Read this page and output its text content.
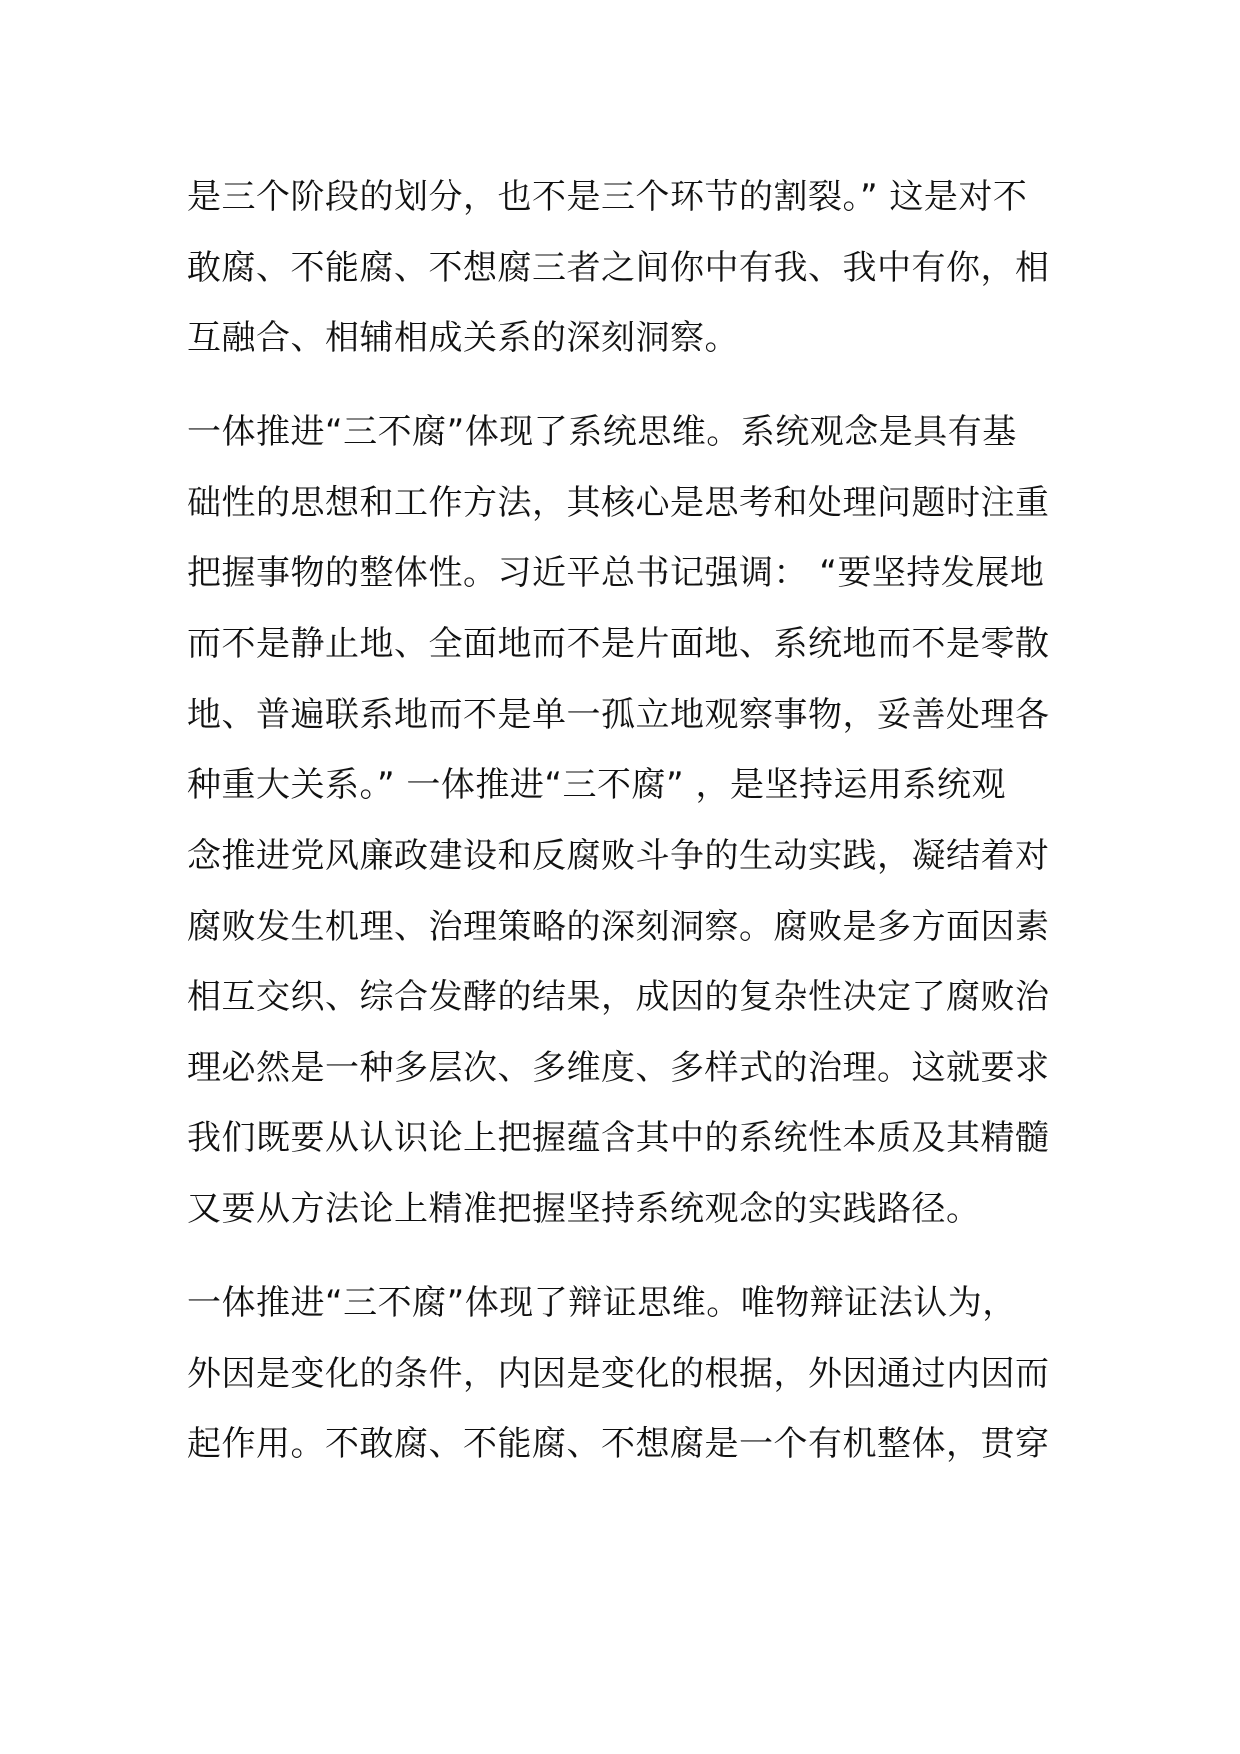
是三个阶段的划分，也不是三个环节的割裂。” 这是对不
敢腐、不能腐、不想腐三者之间你中有我、我中有你，相
互融合、相辅相成关系的深刻洞察。
一体推进“三不腐”体现了系统思维。系统观念是具有基
础性的思想和工作方法，其核心是思考和处理问题时注重
把握事物的整体性。习近平总书记强调： “要坚持发展地
而不是静止地、全面地而不是片面地、系统地而不是零散
地、普遍联系地而不是单一孤立地观察事物，妥善处理各
种重大关系。” 一体推进“三不腐” ，是坚持运用系统观
念推进党风廉政建设和反腐败斗争的生动实践，凝结着对
腐败发生机理、治理策略的深刻洞察。腐败是多方面因素
相互交织、综合发酵的结果，成因的复杂性决定了腐败治
理必然是一种多层次、多维度、多样式的治理。这就要求
我们既要从认识论上把握蕴含其中的系统性本质及其精髓
又要从方法论上精准把握坚持系统观念的实践路径。
一体推进“三不腐”体现了辩证思维。唯物辩证法认为，
外因是变化的条件，内因是变化的根据，外因通过内因而
起作用。不敢腐、不能腐、不想腐是一个有机整体，贯穿
